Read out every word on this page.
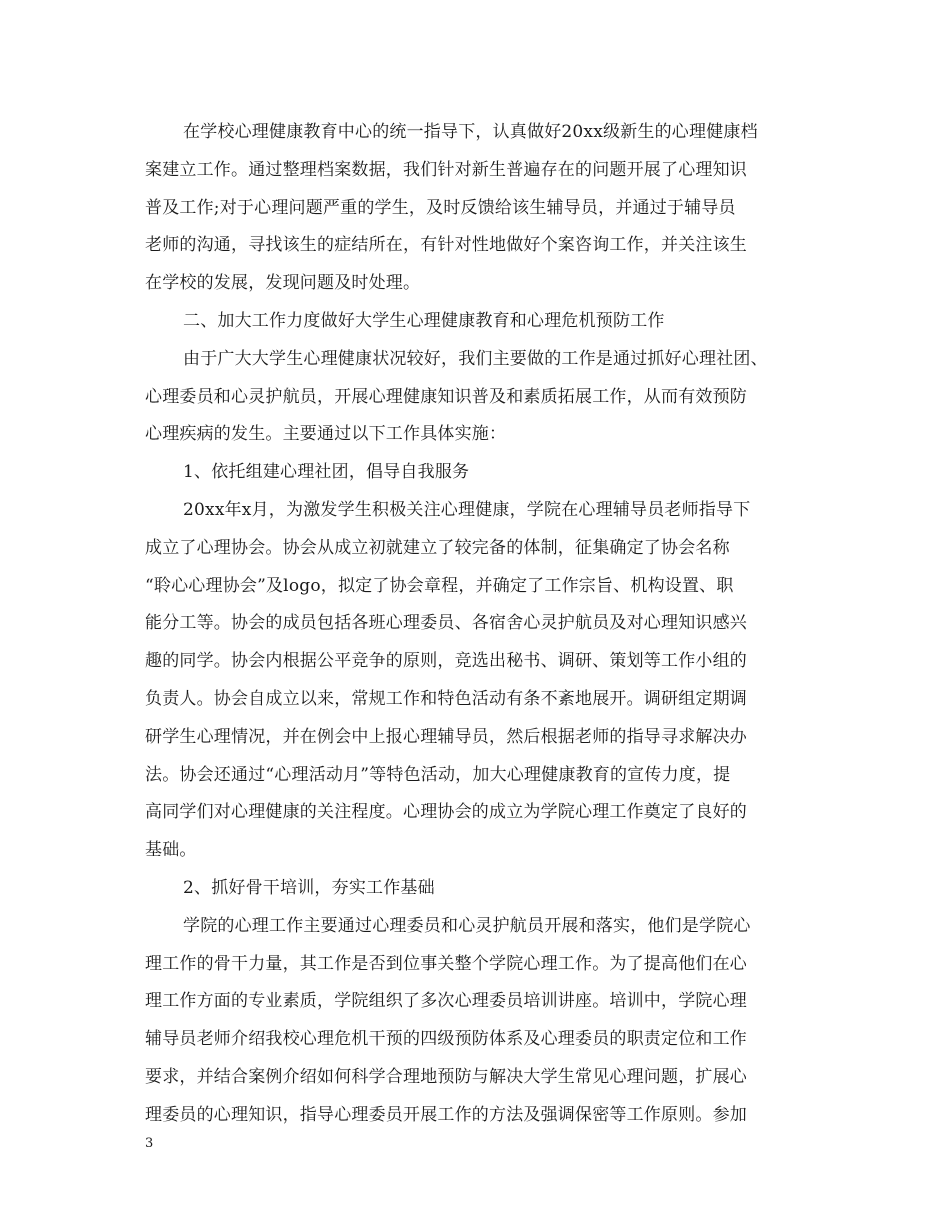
在学校心理健康教育中心的统一指导下，认真做好20xx级新生的心理健康档
案建立工作。通过整理档案数据，我们针对新生普遍存在的问题开展了心理知识
普及工作;对于心理问题严重的学生，及时反馈给该生辅导员，并通过于辅导员
老师的沟通，寻找该生的症结所在，有针对性地做好个案咨询工作，并关注该生
在学校的发展，发现问题及时处理。

二、加大工作力度做好大学生心理健康教育和心理危机预防工作

由于广大大学生心理健康状况较好，我们主要做的工作是通过抓好心理社团、
心理委员和心灵护航员，开展心理健康知识普及和素质拓展工作，从而有效预防
心理疾病的发生。主要通过以下工作具体实施：

1、依托组建心理社团，倡导自我服务

20xx年x月，为激发学生积极关注心理健康，学院在心理辅导员老师指导下
成立了心理协会。协会从成立初就建立了较完备的体制，征集确定了协会名称
“聆心心理协会”及logo，拟定了协会章程，并确定了工作宗旨、机构设置、职
能分工等。协会的成员包括各班心理委员、各宿舍心灵护航员及对心理知识感兴
趣的同学。协会内根据公平竞争的原则，竞选出秘书、调研、策划等工作小组的
负责人。协会自成立以来，常规工作和特色活动有条不紊地展开。调研组定期调
研学生心理情况，并在例会中上报心理辅导员，然后根据老师的指导寻求解决办
法。协会还通过“心理活动月”等特色活动，加大心理健康教育的宣传力度，提
高同学们对心理健康的关注程度。心理协会的成立为学院心理工作奠定了良好的
基础。

2、抓好骨干培训，夯实工作基础

学院的心理工作主要通过心理委员和心灵护航员开展和落实，他们是学院心
理工作的骨干力量，其工作是否到位事关整个学院心理工作。为了提高他们在心
理工作方面的专业素质，学院组织了多次心理委员培训讲座。培训中，学院心理
辅导员老师介绍我校心理危机干预的四级预防体系及心理委员的职责定位和工作
要求，并结合案例介绍如何科学合理地预防与解决大学生常见心理问题，扩展心
理委员的心理知识，指导心理委员开展工作的方法及强调保密等工作原则。参加

3
